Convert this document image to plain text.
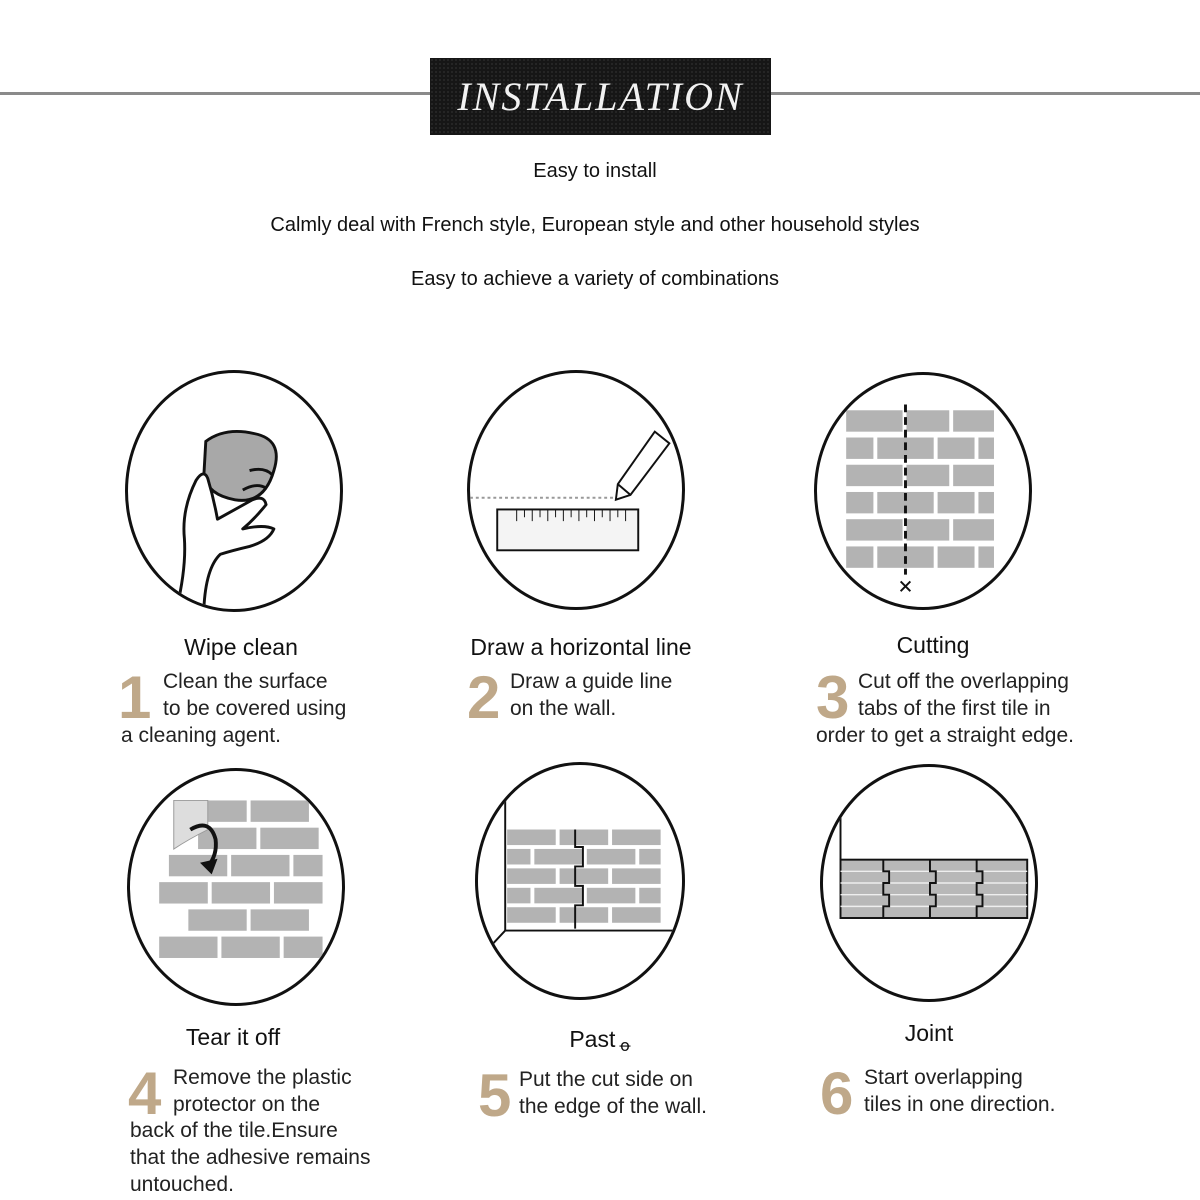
INSTALLATION
Easy to install
Calmly deal with French style, European style and other household styles
Easy to achieve a variety of combinations
Wipe clean
1 Clean the surface
to be covered using
a cleaning agent.
Draw a horizontal line
2 Draw a guide line
on the wall.
Cutting
3 Cut off the overlapping
tabs of the first tile in
order to get a straight edge.
Tear it off
4 Remove the plastic
protector on the
back of the tile.Ensure
that the adhesive remains
untouched.
Past ꝋ
5 Put the cut side on
the edge of the wall.
Joint
6 Start overlapping
tiles in one direction.
